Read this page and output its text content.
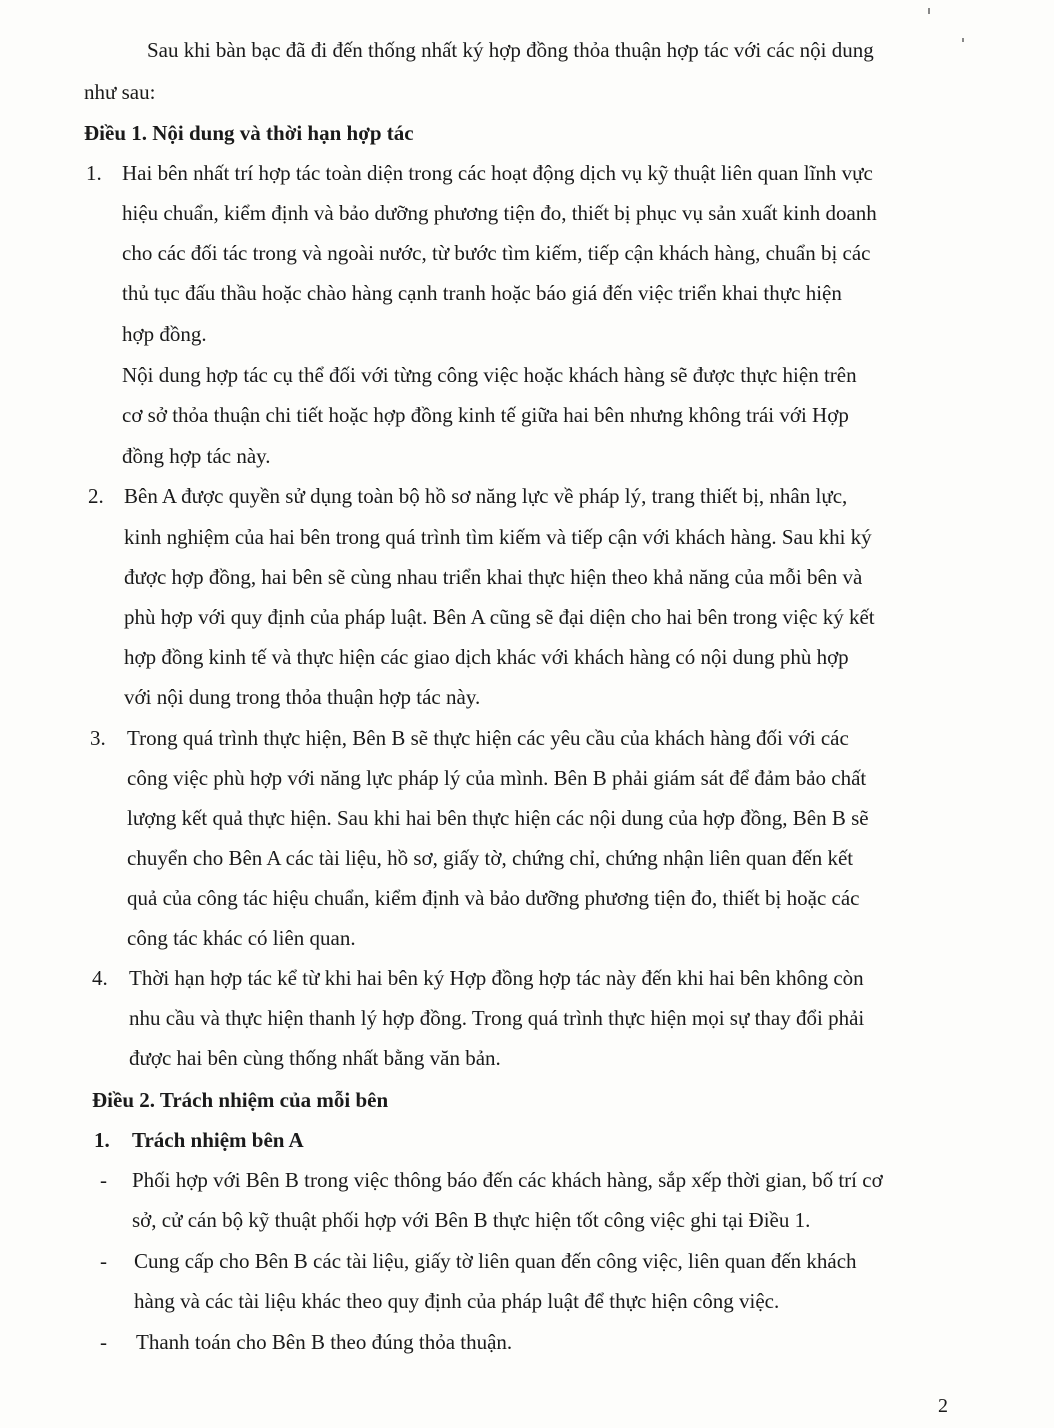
Sau khi bàn bạc đã đi đến thống nhất ký hợp đồng thỏa thuận hợp tác với các nội dung
như sau:
Điều 1. Nội dung và thời hạn hợp tác
1. Hai bên nhất trí hợp tác toàn diện trong các hoạt động dịch vụ kỹ thuật liên quan lĩnh vực
hiệu chuẩn, kiểm định và bảo dưỡng phương tiện đo, thiết bị phục vụ sản xuất kinh doanh
cho các đối tác trong và ngoài nước, từ bước tìm kiếm, tiếp cận khách hàng, chuẩn bị các
thủ tục đấu thầu hoặc chào hàng cạnh tranh hoặc báo giá đến việc triển khai thực hiện
hợp đồng.
Nội dung hợp tác cụ thể đối với từng công việc hoặc khách hàng sẽ được thực hiện trên
cơ sở thỏa thuận chi tiết hoặc hợp đồng kinh tế giữa hai bên nhưng không trái với Hợp
đồng hợp tác này.
2. Bên A được quyền sử dụng toàn bộ hồ sơ năng lực về pháp lý, trang thiết bị, nhân lực,
kinh nghiệm của hai bên trong quá trình tìm kiếm và tiếp cận với khách hàng. Sau khi ký
được hợp đồng, hai bên sẽ cùng nhau triển khai thực hiện theo khả năng của mỗi bên và
phù hợp với quy định của pháp luật. Bên A cũng sẽ đại diện cho hai bên trong việc ký kết
hợp đồng kinh tế và thực hiện các giao dịch khác với khách hàng có nội dung phù hợp
với nội dung trong thỏa thuận hợp tác này.
3. Trong quá trình thực hiện, Bên B sẽ thực hiện các yêu cầu của khách hàng đối với các
công việc phù hợp với năng lực pháp lý của mình. Bên B phải giám sát để đảm bảo chất
lượng kết quả thực hiện. Sau khi hai bên thực hiện các nội dung của hợp đồng, Bên B sẽ
chuyển cho Bên A các tài liệu, hồ sơ, giấy tờ, chứng chỉ, chứng nhận liên quan đến kết
quả của công tác hiệu chuẩn, kiểm định và bảo dưỡng phương tiện đo, thiết bị hoặc các
công tác khác có liên quan.
4. Thời hạn hợp tác kể từ khi hai bên ký Hợp đồng hợp tác này đến khi hai bên không còn
nhu cầu và thực hiện thanh lý hợp đồng. Trong quá trình thực hiện mọi sự thay đổi phải
được hai bên cùng thống nhất bằng văn bản.
Điều 2. Trách nhiệm của mỗi bên
1. Trách nhiệm bên A
- Phối hợp với Bên B trong việc thông báo đến các khách hàng, sắp xếp thời gian, bố trí cơ
sở, cử cán bộ kỹ thuật phối hợp với Bên B thực hiện tốt công việc ghi tại Điều 1.
- Cung cấp cho Bên B các tài liệu, giấy tờ liên quan đến công việc, liên quan đến khách
hàng và các tài liệu khác theo quy định của pháp luật để thực hiện công việc.
- Thanh toán cho Bên B theo đúng thỏa thuận.
2
